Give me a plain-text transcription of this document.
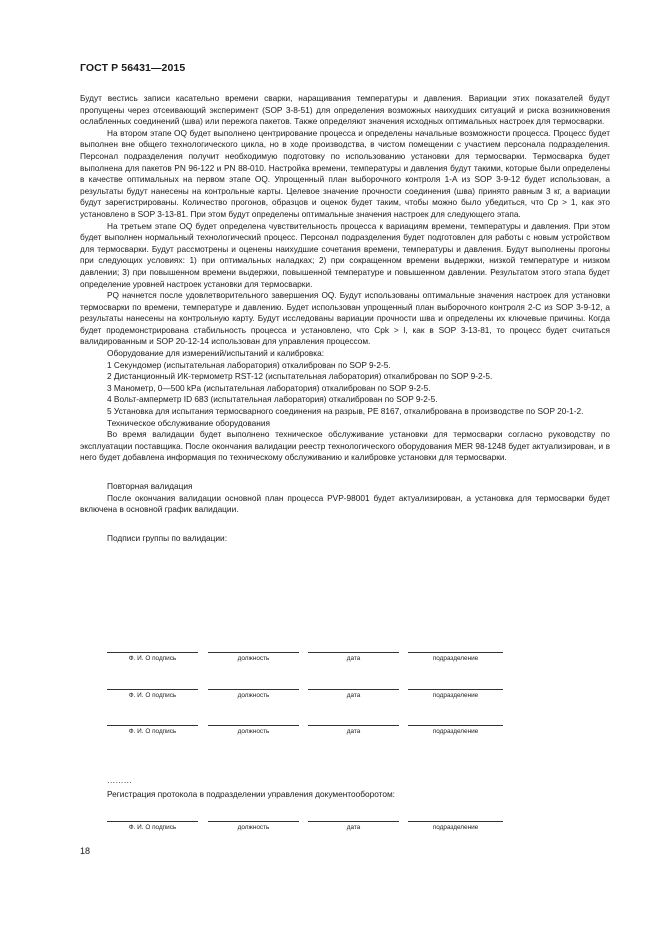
ГОСТ Р 56431—2015

Будут вестись записи касательно времени сварки, наращивания температуры и давления. Вариации этих показателей будут пропущены через отсеивающий эксперимент (SOP 3-8-51) для определения возможных наихудших ситуаций и риска возникновения ослабленных соединений (шва) или пережога пакетов. Также определяют значения исходных оптимальных настроек для термосварки.

На втором этапе OQ будет выполнено центрирование процесса и определены начальные возможности процесса. Процесс будет выполнен вне общего технологического цикла, но в ходе производства, в чистом помещении с участием персонала подразделения. Персонал подразделения получит необходимую подготовку по использованию установки для термосварки. Термосварка будет выполнена для пакетов PN 96-122 и PN 88-010. Настройка времени, температуры и давления будут такими, которые были определены в качестве оптимальных на первом этапе OQ. Упрощенный план выборочного контроля 1-А из SOP 3-9-12 будет использован, а результаты будут нанесены на контрольные карты. Целевое значение прочности соединения (шва) принято равным 3 кг, а вариации будут зарегистрированы. Количество прогонов, образцов и оценок будет таким, чтобы можно было убедиться, что Cp > 1, как это установлено в SOP 3-13-81. При этом будут определены оптимальные значения настроек для следующего этапа.

На третьем этапе OQ будет определена чувствительность процесса к вариациям времени, температуры и давления. При этом будет выполнен нормальный технологический процесс. Персонал подразделения будет подготовлен для работы с новым устройством для термосварки. Будут рассмотрены и оценены наихудшие сочетания времени, температуры и давления. Будут выполнены прогоны при следующих условиях: 1) при оптимальных наладках; 2) при сокращенном времени выдержки, низкой температуре и низком давлении; 3) при повышенном времени выдержки, повышенной температуре и повышенном давлении. Результатом этого этапа будет определение уровней настроек установки для термосварки.

PQ начнется после удовлетворительного завершения OQ. Будут использованы оптимальные значения настроек для установки термосварки по времени, температуре и давлению. Будет использован упрощенный план выборочного контроля 2-С из SOP 3-9-12, а результаты нанесены на контрольную карту. Будут исследованы вариации прочности шва и определены их ключевые причины. Когда будет продемонстрирована стабильность процесса и установлено, что Cpk > l, как в SOP 3-13-81, то процесс будет считаться валидированным и SOP 20-12-14 использован для управления процессом.

Оборудование для измерений/испытаний и калибровка:

1 Секундомер (испытательная лаборатория) откалиброван по SOP 9-2-5.

2 Дистанционный ИК-термометр RST-12 (испытательная лаборатория) откалиброван по SOP 9-2-5.

3 Манометр, 0—500 kPa (испытательная лаборатория) откалиброван по SOP 9-2-5.

4 Вольт-амперметр ID 683 (испытательная лаборатория) откалиброван по SOP 9-2-5.

5 Установка для испытания термосварного соединения на разрыв, РЕ 8167, откалибрована в производстве по SOP 20-1-2.

Техническое обслуживание оборудования

Во время валидации будет выполнено техническое обслуживание установки для термосварки согласно руководству по эксплуатации поставщика. После окончания валидации реестр технологического оборудования MER 98-1248 будет актуализирован, и в него будет добавлена информация по техническому обслуживанию и калибровке установки для термосварки.

Повторная валидация

После окончания валидации основной план процесса PVP-98001 будет актуализирован, а установка для термосварки будет включена в основной график валидации.

Подписи группы по валидации:

Ф. И. О подпись	должность	дата	подразделение
Ф. И. О подпись	должность	дата	подразделение
Ф. И. О подпись	должность	дата	подразделение
………
Регистрация протокола в подразделении управления документооборотом:
Ф. И. О подпись	должность	дата	подразделение
18
